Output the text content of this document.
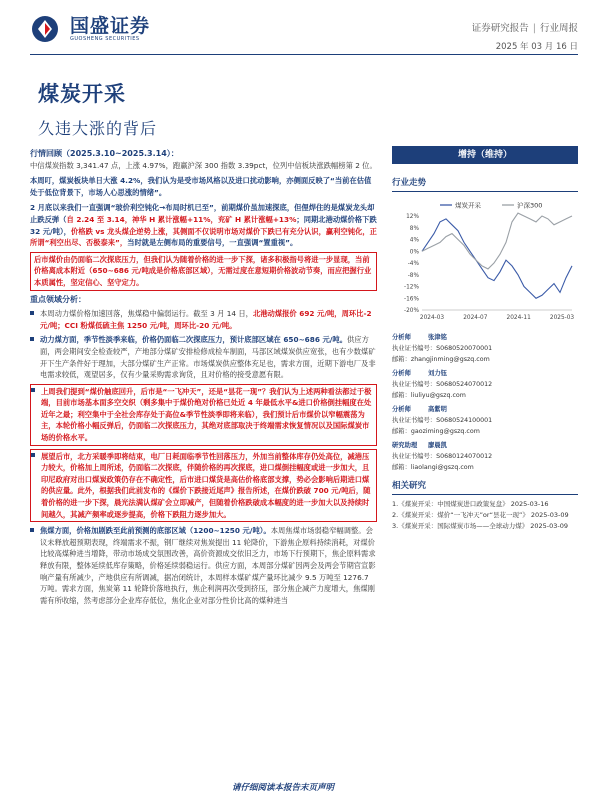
国盛证券
GUOSHENG SECURITIES
证券研究报告 | 行业周报
2025 年 03 月 16 日
煤炭开采
久违大涨的背后
行情回顾（2025.3.10~2025.3.14）：
中信煤炭指数 3,341.47 点，上涨 4.97%，跑赢沪深 300 指数 3.39pct，位列中信板块涨跌幅榜第 2 位。
本周叮，煤炭板块单日大涨 4.2%，我们认为是受市场风格以及进口扰动影响，亦侧面反映了“当前在估值处于低位背景下，市场人心思涨的情绪”。
2 月底以来我们一直强调“玻价利空钝化→布局时机已至”，前期煤价虽加速探底，但俚焊住的是煤炭龙头却止跌反弹（自 2.24 至 3.14，神华 H 累计涨幅+11%，兖矿 H 累计涨幅+13%；同期北港动煤价格下跌 32 元/吨），价格跌 vs 龙头煤企逆势上涨，其侧面不仅说明市场对煤价下跌已有充分认识，赢利空钝化，正所谓“利空出尽、否极泰来”，当时就是左侧布局的重要信号，一直强调“置重视”。
后市煤价由仍面临二次探底压力，但我们认为随着价格的进一步下探，诸多积极指号将进一步显现，当前价格离成本附近（650~686 元/吨成是价格底部区域），无需过度在意短期价格波动节奏，而应把握行业本质属性，坚定信心、坚守定力。
重点领域分析：
本周动力煤价格加速回落，焦煤稳中偏弱运行。截至 3 月 14 日，北港动煤报价 692 元/吨，周环比-2 元/吨；CCI 粉煤低硫主焦 1250 元/吨，周环比-20 元/吨。
动力煤方面，季节性淡季来临，价格仍面临二次探底压力，预计底部区域在 650~686 元/吨。供应方面，两会期间安全检查较严，产地部分煤矿安排检修成检车制面，马部区域煤炭供应宽张，也有少数煤矿开下生产条件好于理加，大部分煤矿生产正常。市场煤炭供应整体充足也，需求方面，近期下游电厂及非电需求较低，观望居多，仅有少量采购需求询货，且对价格的接受意愿有限。
上周我们提到“煤价触底回升，后市是“一飞冲天”，还是“昙花一现”？我们认为上述两种看法都过于极端，目前市场基本面多空交织（剩多集中于煤价绝对价格已处近 4 年最低水平&进口价格倒挂幅度在处近年之最；利空集中于全社会库存处于高位&季节性淡季即将来临），我们预计后市煤价以窄幅震荡为主，本轮价格小幅反弹后，仍面临二次探底压力，其绝对底部取决于终端需求恢复情况以及国际煤炭市场的价格水平。
展望后市，北方采暖季即将结束，电厂日耗面临季节性回落压力，外加当前整体库存仍处高位，减港压力较大，价格加上周所述，仍面临二次探底，伴随价格的再次探底，进口煤倒挂幅度或进一步加大，且印尼政府对出口煤炭政策仍存在不确定性，后市进口煤货是高估价格底部支撑，势必会影响后期进口煤的供应量。此外，根据我们此前发布的《煤价下跌接近尾声》报告所述，在煤价跌破 700 元/吨后，随着价格的进一步下探，晨光法满认煤矿会立即减产，但随着价格跌破成本幅度的进一步加大以及持续时间越久，其减产频率或逐步提高，价格下跌阻力逐步加大。
焦煤方面，价格加剧跌至此前预测的底部区域（1200~1250 元/吨）。本周焦煤市场弱稳窄幅调整。会议未释放超预期表现，终端需求不振，钢厂继续对焦炭提出 11 轮降价，下游焦企原料持续消耗，对煤价比较高煤种进当增降，带动市场成交氛围改善，高价资源成交依旧乏力，市场下行预期下，焦企原料需求释放有限，整体延续低库存策略，价格延续弱稳运行。供应方面，本周部分煤矿因两会及两会节期官宣影响产量有所减少，产地供应有所调减，据冶闭统计，本周样本煤矿煤产量环比减少 9.5 万吨至 1276.7 万吨。需求方面，焦炭第 11 轮降价落地执行，焦企利润再次受到挤压，部分焦企减产力度增大，焦煤刚需有所收缩，然考虑部分企业库存低位，焦化企业对部分性价比高的煤种进当
增持（维持）
行业走势
煤炭开采	沪深300
12%
8%
4%
0%
-4%
-8%
-12%
-16%
-20%
2024-03	2024-07	2024-11	2025-03
分析师	张津铭
执业证书编号：S0680520070001
邮箱：zhangjinming@gszq.com
分析师	刘力钰
执业证书编号：S0680524070012
邮箱：liuliyu@gszq.com
分析师	高紫明
执业证书编号：S0680524100001
邮箱：gaoziming@gszq.com
研究助理	廖晨凯
执业证书编号：S0680124070012
邮箱：liaolangi@gszq.com
相关研究
1.《煤炭开采：中国煤炭进口政策复盘》 2025-03-16
2.《煤炭开采：煤价“一飞冲天”or“昙花一现”》 2025-03-09
3.《煤炭开采：国际煤炭市场——全球动力煤》 2025-03-09
请仔细阅读本报告末页声明
